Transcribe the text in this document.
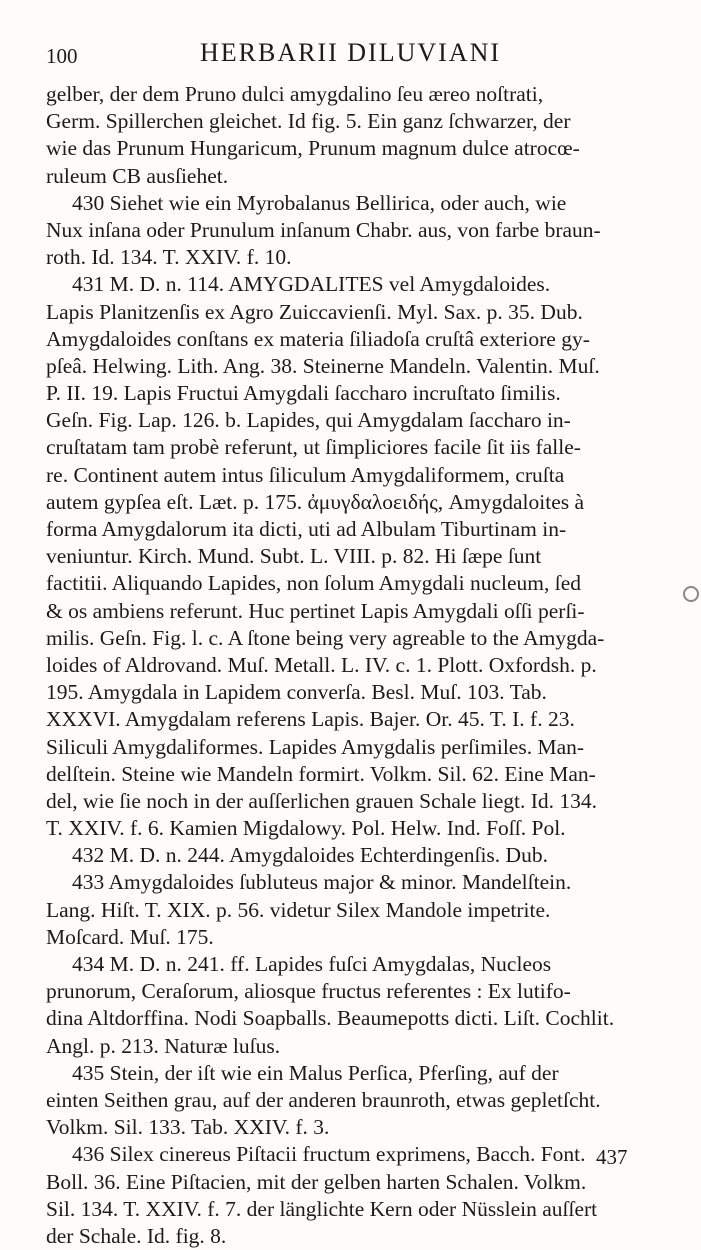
100	HERBARII DILUVIANI
gelber, der dem Pruno dulci amygdalino ſeu æreo noſtrati,
Germ. Spillerchen gleichet. Id fig. 5. Ein ganz ſchwarzer, der
wie das Prunum Hungaricum, Prunum magnum dulce atrocœ-
ruleum CB ausſiehet.
430 Siehet wie ein Myrobalanus Bellirica, oder auch, wie
Nux inſana oder Prunulum inſanum Chabr. aus, von farbe braun-
roth. Id. 134. T. XXIV. f. 10.
431 M. D. n. 114. AMYGDALITES vel Amygdaloides.
Lapis Planitzenſis ex Agro Zuiccavienſi. Myl. Sax. p. 35. Dub.
Amygdaloides conſtans ex materia ſiliadoſa cruſtâ exteriore gy-
pſeâ. Helwing. Lith. Ang. 38. Steinerne Mandeln. Valentin. Muſ.
P. II. 19. Lapis Fructui Amygdali ſaccharo incruſtato ſimilis.
Geſn. Fig. Lap. 126. b. Lapides, qui Amygdalam ſaccharo in-
cruſtatam tam probè referunt, ut ſimpliciores facile ſit iis falle-
re. Continent autem intus ſiliculum Amygdaliformem, cruſta
autem gypſea eſt. Læt. p. 175. ἀμυγδαλοειδής, Amygdaloites à
forma Amygdalorum ita dicti, uti ad Albulam Tiburtinam in-
veniuntur. Kirch. Mund. Subt. L. VIII. p. 82. Hi ſæpe ſunt
factitii. Aliquando Lapides, non ſolum Amygdali nucleum, ſed
& os ambiens referunt. Huc pertinet Lapis Amygdali oſſi perſi-
milis. Geſn. Fig. l. c. A ſtone being very agreable to the Amygda-
loides of Aldrovand. Muſ. Metall. L. IV. c. 1. Plott. Oxfordsh. p.
195. Amygdala in Lapidem converſa. Besl. Muſ. 103. Tab.
XXXVI. Amygdalam referens Lapis. Bajer. Or. 45. T. I. f. 23.
Siliculi Amygdaliformes. Lapides Amygdalis perſimiles. Man-
delſtein. Steine wie Mandeln formirt. Volkm. Sil. 62. Eine Man-
del, wie ſie noch in der auſſerlichen grauen Schale liegt. Id. 134.
T. XXIV. f. 6. Kamien Migdalowy. Pol. Helw. Ind. Foſſ. Pol.
432 M. D. n. 244. Amygdaloides Echterdingenſis. Dub.
433 Amygdaloides ſubluteus major & minor. Mandelſtein.
Lang. Hiſt. T. XIX. p. 56. videtur Silex Mandole impetrite.
Moſcard. Muſ. 175.
434 M. D. n. 241. ff. Lapides fuſci Amygdalas, Nucleos
prunorum, Ceraſorum, aliosque fructus referentes : Ex lutifo-
dina Altdorffina. Nodi Soapballs. Beaumepotts dicti. Liſt. Cochlit.
Angl. p. 213. Naturæ luſus.
435 Stein, der iſt wie ein Malus Perſica, Pferſing, auf der
einten Seithen grau, auf der anderen braunroth, etwas gepletſcht.
Volkm. Sil. 133. Tab. XXIV. f. 3.
436 Silex cinereus Piſtacii fructum exprimens, Bacch. Font.
Boll. 36. Eine Piſtacien, mit der gelben harten Schalen. Volkm.
Sil. 134. T. XXIV. f. 7. der länglichte Kern oder Nüsslein auſſert
der Schale. Id. fig. 8.
437
